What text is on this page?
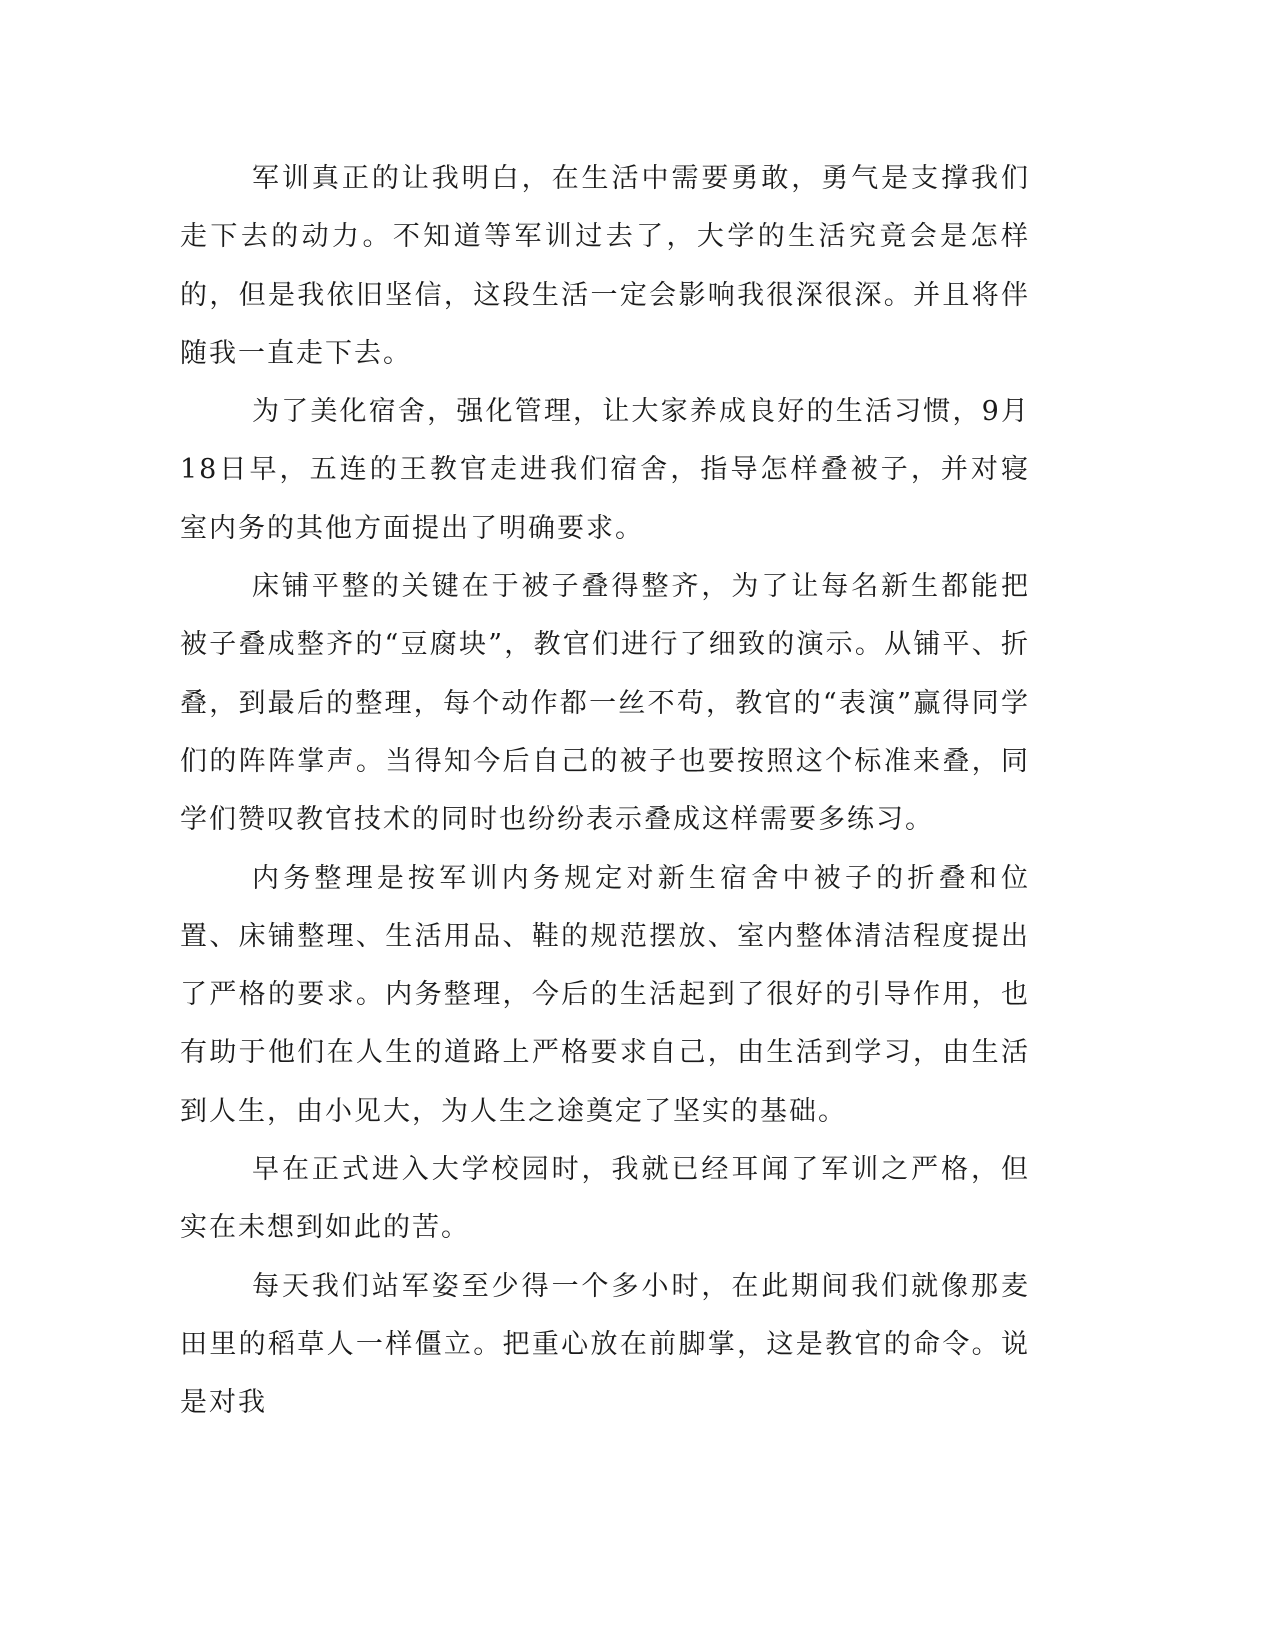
军训真正的让我明白，在生活中需要勇敢，勇气是支撑我们走下去的动力。不知道等军训过去了，大学的生活究竟会是怎样的，但是我依旧坚信，这段生活一定会影响我很深很深。并且将伴随我一直走下去。

为了美化宿舍，强化管理，让大家养成良好的生活习惯，9月18日早，五连的王教官走进我们宿舍，指导怎样叠被子，并对寝室内务的其他方面提出了明确要求。

床铺平整的关键在于被子叠得整齐，为了让每名新生都能把被子叠成整齐的“豆腐块”，教官们进行了细致的演示。从铺平、折叠，到最后的整理，每个动作都一丝不苟，教官的“表演”赢得同学们的阵阵掌声。当得知今后自己的被子也要按照这个标准来叠，同学们赞叹教官技术的同时也纷纷表示叠成这样需要多练习。

内务整理是按军训内务规定对新生宿舍中被子的折叠和位置、床铺整理、生活用品、鞋的规范摆放、室内整体清洁程度提出了严格的要求。内务整理，今后的生活起到了很好的引导作用，也有助于他们在人生的道路上严格要求自己，由生活到学习，由生活到人生，由小见大，为人生之途奠定了坚实的基础。

早在正式进入大学校园时，我就已经耳闻了军训之严格，但实在未想到如此的苦。

每天我们站军姿至少得一个多小时，在此期间我们就像那麦田里的稻草人一样僵立。把重心放在前脚掌，这是教官的命令。说是对我
